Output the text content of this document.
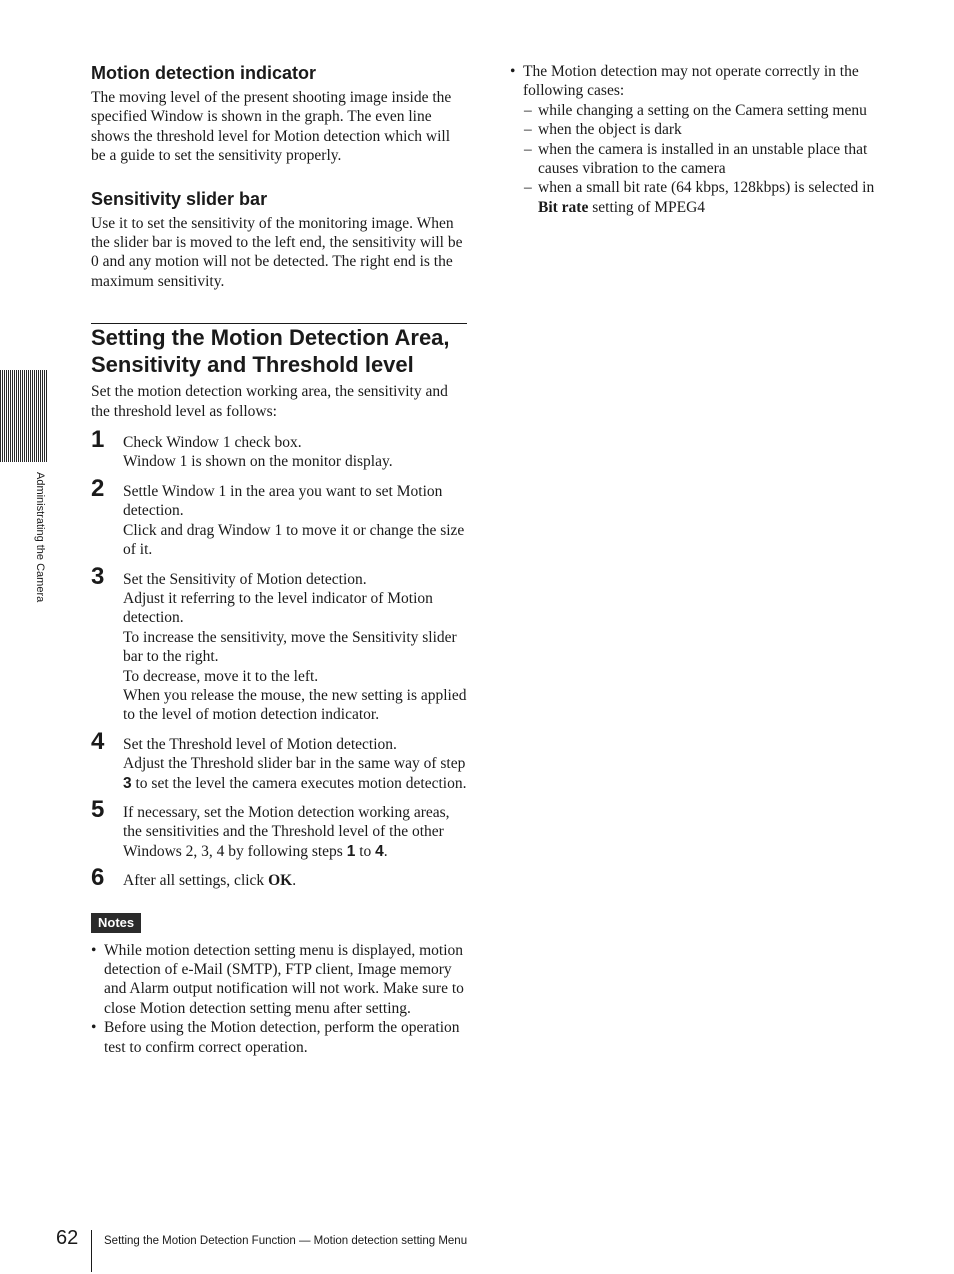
Administrating the Camera
Motion detection indicator

The moving level of the present shooting image inside the specified Window is shown in the graph. The even line shows the threshold level for Motion detection which will be a guide to set the sensitivity properly.

Sensitivity slider bar

Use it to set the sensitivity of the monitoring image. When the slider bar is moved to the left end, the sensitivity will be 0 and any motion will not be detected. The right end is the maximum sensitivity.

Setting the Motion Detection Area, Sensitivity and Threshold level

Set the motion detection working area, the sensitivity and the threshold level as follows:

1 Check Window 1 check box.
Window 1 is shown on the monitor display.
2 Settle Window 1 in the area you want to set Motion detection.
Click and drag Window 1 to move it or change the size of it.
3 Set the Sensitivity of Motion detection.
Adjust it referring to the level indicator of Motion detection.
To increase the sensitivity, move the Sensitivity slider bar to the right.
To decrease, move it to the left.
When you release the mouse, the new setting is applied to the level of motion detection indicator.
4 Set the Threshold level of Motion detection.
Adjust the Threshold slider bar in the same way of step 3 to set the level the camera executes motion detection.
5 If necessary, set the Motion detection working areas, the sensitivities and the Threshold level of the other Windows 2, 3, 4 by following steps 1 to 4.
6 After all settings, click OK.
Notes
• While motion detection setting menu is displayed, motion detection of e-Mail (SMTP), FTP client, Image memory and Alarm output notification will not work. Make sure to close Motion detection setting menu after setting.
• Before using the Motion detection, perform the operation test to confirm correct operation.
• The Motion detection may not operate correctly in the following cases:
– while changing a setting on the Camera setting menu
– when the object is dark
– when the camera is installed in an unstable place that causes vibration to the camera
– when a small bit rate (64 kbps, 128kbps) is selected in Bit rate setting of MPEG4
62 Setting the Motion Detection Function — Motion detection setting Menu
